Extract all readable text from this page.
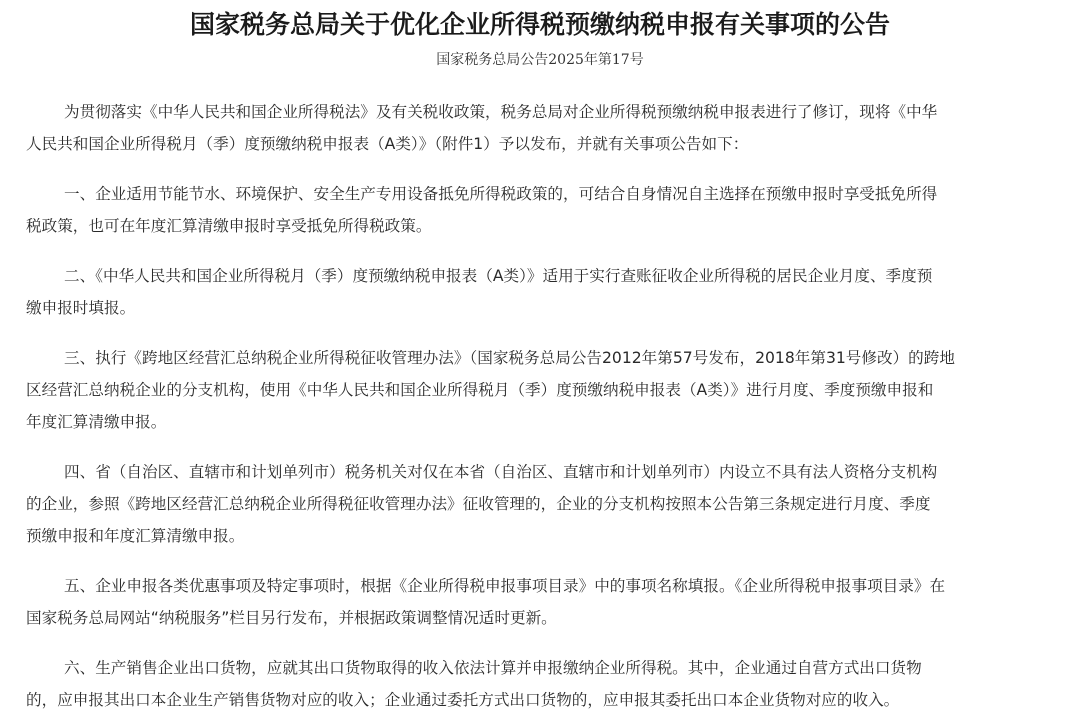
国家税务总局关于优化企业所得税预缴纳税申报有关事项的公告
国家税务总局公告2025年第17号
为贯彻落实《中华人民共和国企业所得税法》及有关税收政策，税务总局对企业所得税预缴纳税申报表进行了修订，现将《中华
人民共和国企业所得税月（季）度预缴纳税申报表（A类）》（附件1）予以发布，并就有关事项公告如下：
一、企业适用节能节水、环境保护、安全生产专用设备抵免所得税政策的，可结合自身情况自主选择在预缴申报时享受抵免所得
税政策，也可在年度汇算清缴申报时享受抵免所得税政策。
二、《中华人民共和国企业所得税月（季）度预缴纳税申报表（A类）》适用于实行查账征收企业所得税的居民企业月度、季度预
缴申报时填报。
三、执行《跨地区经营汇总纳税企业所得税征收管理办法》（国家税务总局公告2012年第57号发布，2018年第31号修改）的跨地
区经营汇总纳税企业的分支机构，使用《中华人民共和国企业所得税月（季）度预缴纳税申报表（A类）》进行月度、季度预缴申报和
年度汇算清缴申报。
四、省（自治区、直辖市和计划单列市）税务机关对仅在本省（自治区、直辖市和计划单列市）内设立不具有法人资格分支机构
的企业，参照《跨地区经营汇总纳税企业所得税征收管理办法》征收管理的，企业的分支机构按照本公告第三条规定进行月度、季度
预缴申报和年度汇算清缴申报。
五、企业申报各类优惠事项及特定事项时，根据《企业所得税申报事项目录》中的事项名称填报。《企业所得税申报事项目录》在
国家税务总局网站“纳税服务”栏目另行发布，并根据政策调整情况适时更新。
六、生产销售企业出口货物，应就其出口货物取得的收入依法计算并申报缴纳企业所得税。其中，企业通过自营方式出口货物
的，应申报其出口本企业生产销售货物对应的收入；企业通过委托方式出口货物的，应申报其委托出口本企业货物对应的收入。
